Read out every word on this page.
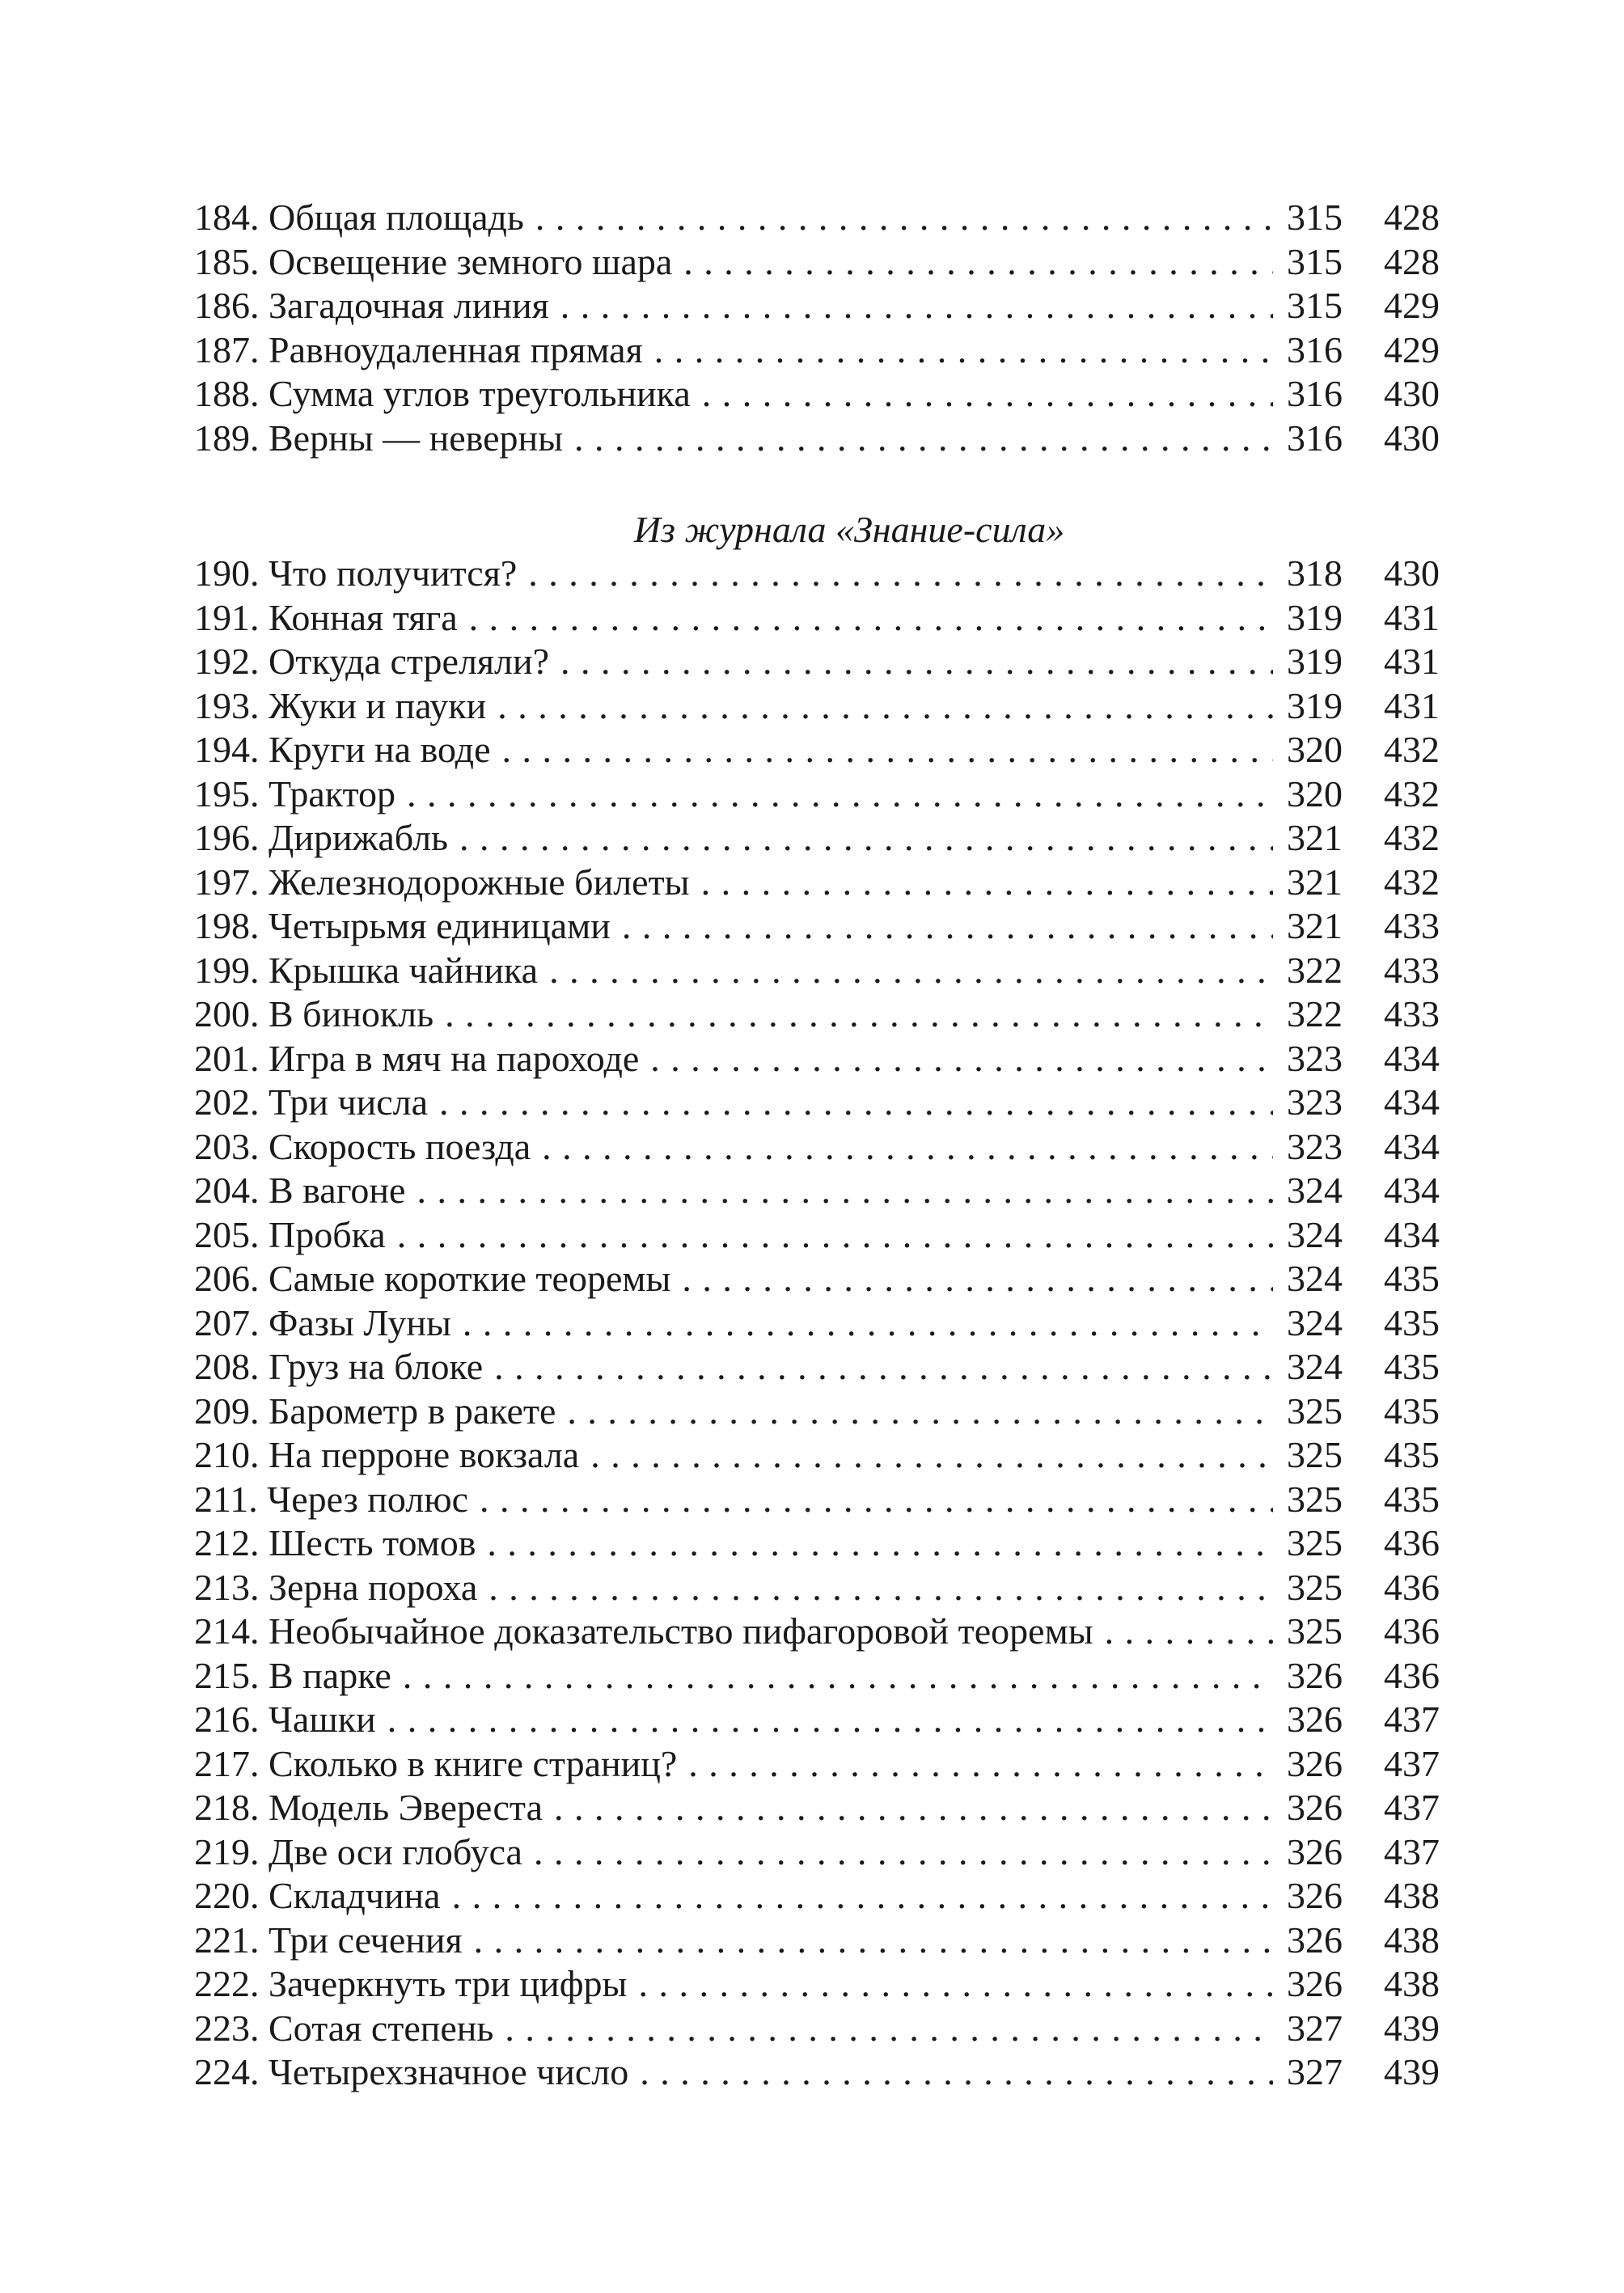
184. Общая площадь . . .	315	428
185. Освещение земного шара . . .	315	428
186. Загадочная линия . . .	315	429
187. Равноудаленная прямая . . .	316	429
188. Сумма углов треугольника . . .	316	430
189. Верны — неверны . . .	316	430
Из журнала «Знание-сила»
190. Что получится? . . .	318	430
191. Конная тяга . . .	319	431
192. Откуда стреляли? . . .	319	431
193. Жуки и пауки . . .	319	431
194. Круги на воде . . .	320	432
195. Трактор . . .	320	432
196. Дирижабль . . .	321	432
197. Железнодорожные билеты . . .	321	432
198. Четырьмя единицами . . .	321	433
199. Крышка чайника . . .	322	433
200. В бинокль . . .	322	433
201. Игра в мяч на пароходе . . .	323	434
202. Три числа . . .	323	434
203. Скорость поезда . . .	323	434
204. В вагоне . . .	324	434
205. Пробка . . .	324	434
206. Самые короткие теоремы . . .	324	435
207. Фазы Луны . . .	324	435
208. Груз на блоке . . .	324	435
209. Барометр в ракете . . .	325	435
210. На перроне вокзала . . .	325	435
211. Через полюс . . .	325	435
212. Шесть томов . . .	325	436
213. Зерна пороха . . .	325	436
214. Необычайное доказательство пифагоровой теоремы . . .	325	436
215. В парке . . .	326	436
216. Чашки . . .	326	437
217. Сколько в книге страниц? . . .	326	437
218. Модель Эвереста . . .	326	437
219. Две оси глобуса . . .	326	437
220. Складчина . . .	326	438
221. Три сечения . . .	326	438
222. Зачеркнуть три цифры . . .	326	438
223. Сотая степень . . .	327	439
224. Четырехзначное число . . .	327	439
